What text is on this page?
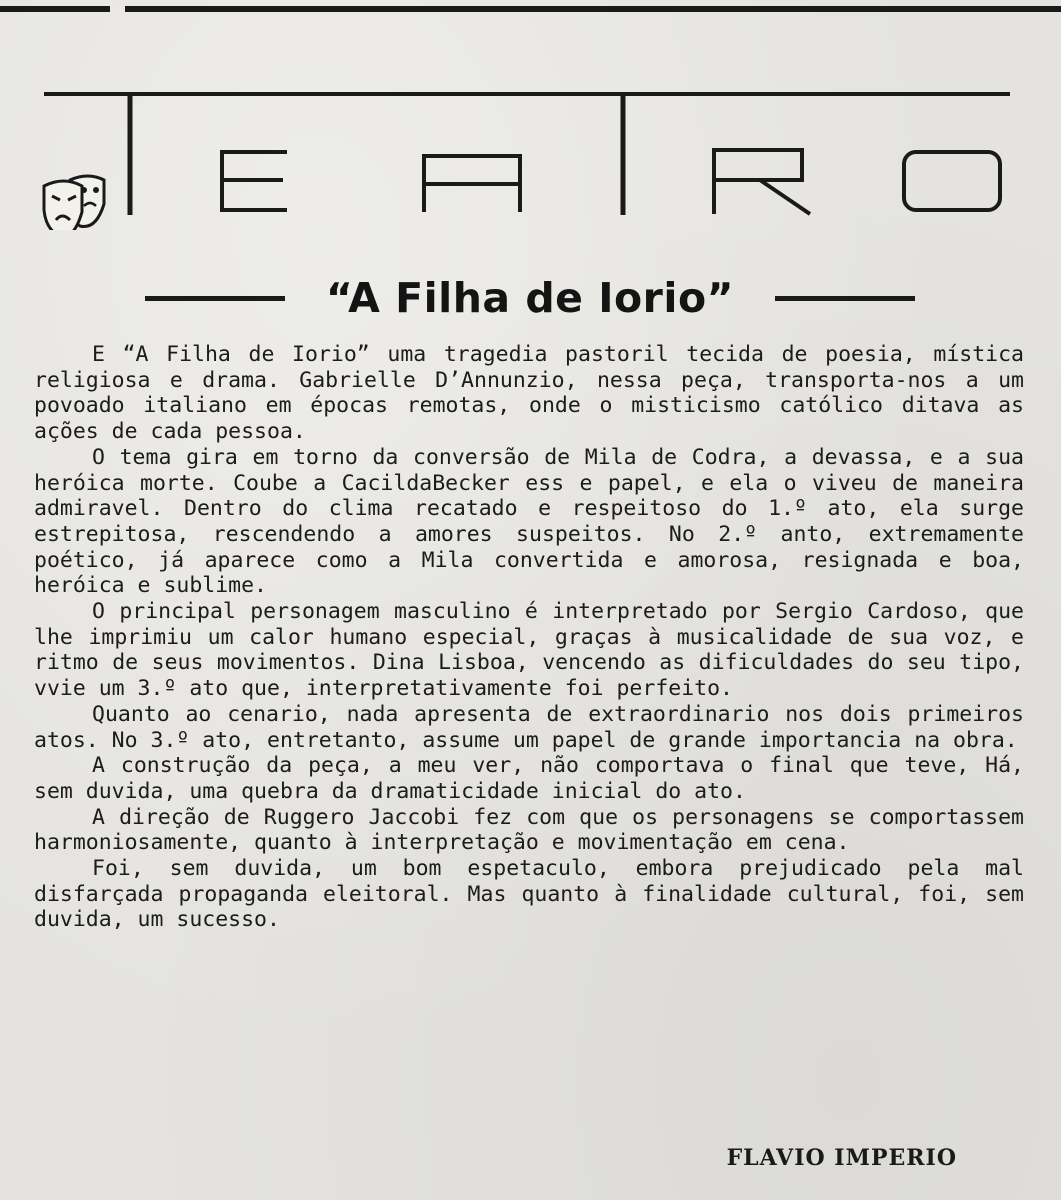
“A Filha de Iorio”

E “A Filha de Iorio” uma tragedia pastoril tecida de poesia, mística religiosa e drama. Gabrielle D’Annunzio, nessa peça, transporta-nos a um povoado italiano em épocas remotas, onde o misticismo católico ditava as ações de cada pessoa.

O tema gira em torno da conversão de Mila de Codra, a devassa, e a sua heróica morte. Coube a CacildaBecker ess e papel, e ela o viveu de maneira admiravel. Dentro do clima recatado e respeitoso do 1.º ato, ela surge estrepitosa, rescendendo a amores suspeitos. No 2.º anto, extremamente poético, já aparece como a Mila convertida e amorosa, resignada e boa, heróica e sublime.

O principal personagem masculino é interpretado por Sergio Cardoso, que lhe imprimiu um calor humano especial, graças à musicalidade de sua voz, e ritmo de seus movimentos. Dina Lisboa, vencendo as dificuldades do seu tipo, vvie um 3.º ato que, interpretativamente foi perfeito.

Quanto ao cenario, nada apresenta de extraordinario nos dois primeiros atos. No 3.º ato, entretanto, assume um papel de grande importancia na obra.

A construção da peça, a meu ver, não comportava o final que teve, Há, sem duvida, uma quebra da dramaticidade inicial do ato.

A direção de Ruggero Jaccobi fez com que os personagens se comportassem harmoniosamente, quanto à interpretação e movimentação em cena.

Foi, sem duvida, um bom espetaculo, embora prejudicado pela mal disfarçada propaganda eleitoral. Mas quanto à finalidade cultural, foi, sem duvida, um sucesso.

FLAVIO IMPERIO
